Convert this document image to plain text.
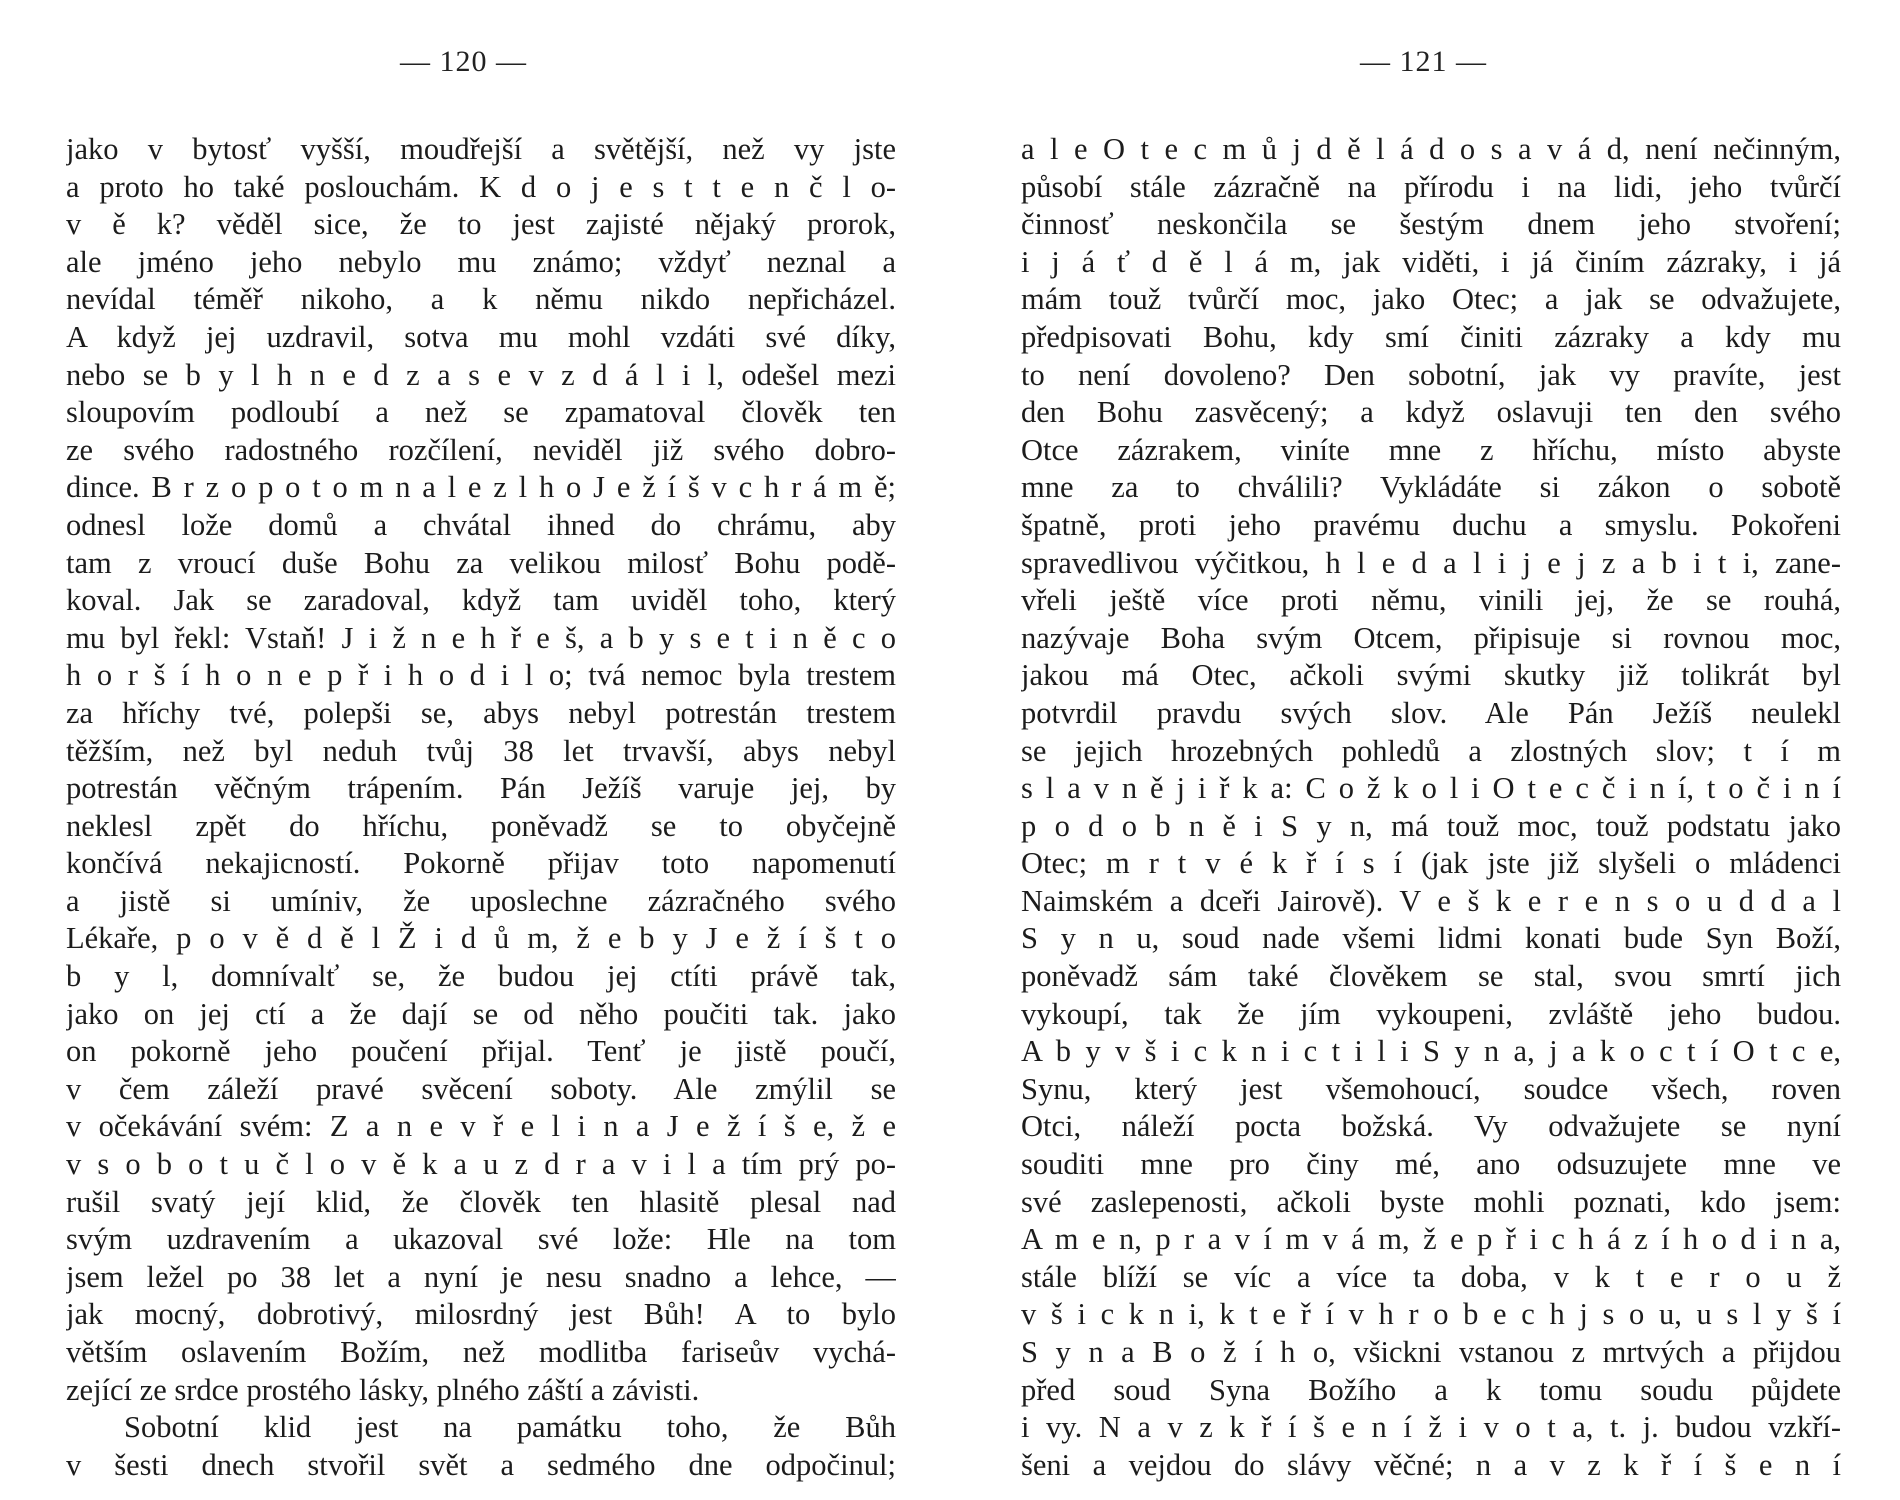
— 120 —
jako v bytosť vyšší, moudřejší a světější, než vy jste
a proto ho také poslouchám. K d o j e s t t e n č l o-
v ě k? věděl sice, že to jest zajisté nějaký prorok,
ale jméno jeho nebylo mu známo; vždyť neznal a
nevídal téměř nikoho, a k němu nikdo nepřicházel.
A když jej uzdravil, sotva mu mohl vzdáti své díky,
nebo se b y l h n e d z a s e v z d á l i l, odešel mezi
sloupovím podloubí a než se zpamatoval člověk ten
ze svého radostného rozčílení, neviděl již svého dobro-
dince. B r z o p o t o m n a l e z l h o J e ž í š v c h r á m ě;
odnesl lože domů a chvátal ihned do chrámu, aby
tam z vroucí duše Bohu za velikou milosť Bohu podě-
koval. Jak se zaradoval, když tam uviděl toho, který
mu byl řekl: Vstaň! J i ž n e h ř e š, a b y s e t i n ě c o
h o r š í h o n e p ř i h o d i l o; tvá nemoc byla trestem
za hříchy tvé, polepši se, abys nebyl potrestán trestem
těžším, než byl neduh tvůj 38 let trvavší, abys nebyl
potrestán věčným trápením. Pán Ježíš varuje jej, by
neklesl zpět do hříchu, poněvadž se to obyčejně
končívá nekajicností. Pokorně přijav toto napomenutí
a jistě si umíniv, že uposlechne zázračného svého
Lékaře, p o v ě d ě l Ž i d ů m, ž e b y J e ž í š t o
b y l, domnívalť se, že budou jej ctíti právě tak,
jako on jej ctí a že dají se od něho poučiti tak. jako
on pokorně jeho poučení přijal. Tenť je jistě poučí,
v čem záleží pravé svěcení soboty. Ale zmýlil se
v očekávání svém: Z a n e v ř e l i n a J e ž í š e, ž e
v s o b o t u č l o v ě k a u z d r a v i l a tím prý po-
rušil svatý její klid, že člověk ten hlasitě plesal nad
svým uzdravením a ukazoval své lože: Hle na tom
jsem ležel po 38 let a nyní je nesu snadno a lehce, —
jak mocný, dobrotivý, milosrdný jest Bůh! A to bylo
větším oslavením Božím, než modlitba fariseův vychá-
zející ze srdce prostého lásky, plného záští a závisti.
Sobotní klid jest na památku toho, že Bůh
v šesti dnech stvořil svět a sedmého dne odpočinul;
— 121 —
a l e O t e c m ů j d ě l á d o s a v á d, není nečinným,
působí stále zázračně na přírodu i na lidi, jeho tvůrčí
činnosť neskončila se šestým dnem jeho stvoření;
i j á ť d ě l á m, jak viděti, i já činím zázraky, i já
mám touž tvůrčí moc, jako Otec; a jak se odvažujete,
předpisovati Bohu, kdy smí činiti zázraky a kdy mu
to není dovoleno? Den sobotní, jak vy pravíte, jest
den Bohu zasvěcený; a když oslavuji ten den svého
Otce zázrakem, viníte mne z hříchu, místo abyste
mne za to chválili? Vykládáte si zákon o sobotě
špatně, proti jeho pravému duchu a smyslu. Pokořeni
spravedlivou výčitkou, h l e d a l i j e j z a b i t i, zane-
vřeli ještě více proti němu, vinili jej, že se rouhá,
nazývaje Boha svým Otcem, připisuje si rovnou moc,
jakou má Otec, ačkoli svými skutky již tolikrát byl
potvrdil pravdu svých slov. Ale Pán Ježíš neulekl
se jejich hrozebných pohledů a zlostných slov; t í m
s l a v n ě j i ř k a: C o ž k o l i O t e c č i n í, t o č i n í
p o d o b n ě i S y n, má touž moc, touž podstatu jako
Otec; m r t v é k ř í s í (jak jste již slyšeli o mládenci
Naimském a dceři Jairově). V e š k e r e n s o u d d a l
S y n u, soud nade všemi lidmi konati bude Syn Boží,
poněvadž sám také člověkem se stal, svou smrtí jich
vykoupí, tak že jím vykoupeni, zvláště jeho budou.
A b y v š i c k n i c t i l i S y n a, j a k o c t í O t c e,
Synu, který jest všemohoucí, soudce všech, roven
Otci, náleží pocta božská. Vy odvažujete se nyní
souditi mne pro činy mé, ano odsuzujete mne ve
své zaslepenosti, ačkoli byste mohli poznati, kdo jsem:
A m e n, p r a v í m v á m, ž e p ř i c h á z í h o d i n a,
stále blíží se víc a více ta doba, v k t e r o u ž
v š i c k n i, k t e ř í v h r o b e c h j s o u, u s l y š í
S y n a B o ž í h o, všickni vstanou z mrtvých a přijdou
před soud Syna Božího a k tomu soudu půjdete
i vy. N a v z k ř í š e n í ž i v o t a, t. j. budou vzkří-
šeni a vejdou do slávy věčné; n a v z k ř í š e n í
